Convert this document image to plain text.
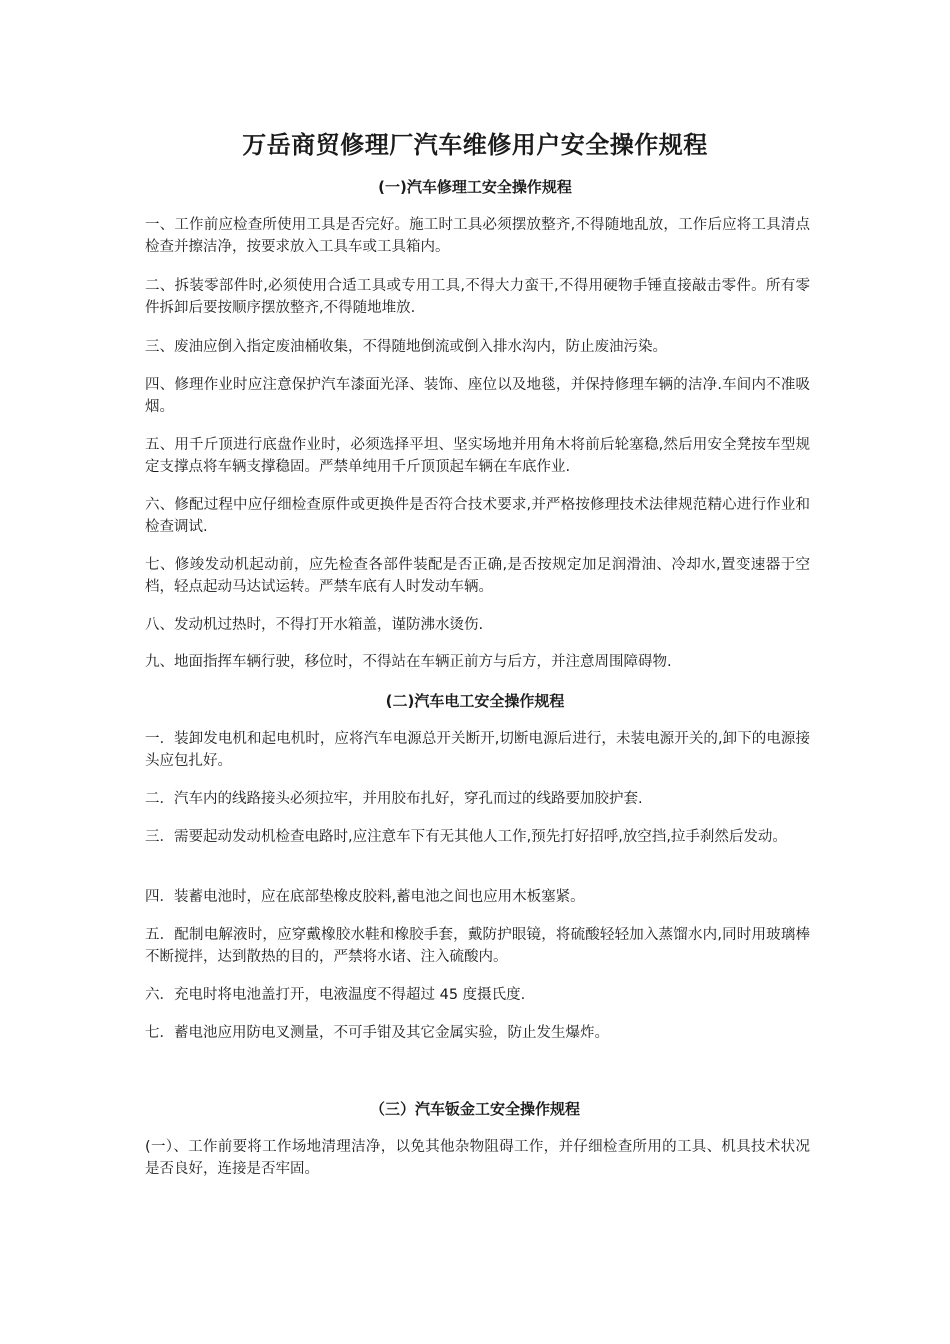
万岳商贸修理厂汽车维修用户安全操作规程
(一)汽车修理工安全操作规程
一、工作前应检查所使用工具是否完好。施工时工具必须摆放整齐,不得随地乱放，工作后应将工具清点检查并擦洁净，按要求放入工具车或工具箱内。
二、拆装零部件时,必须使用合适工具或专用工具,不得大力蛮干,不得用硬物手锤直接敲击零件。所有零件拆卸后要按顺序摆放整齐,不得随地堆放.
三、废油应倒入指定废油桶收集，不得随地倒流或倒入排水沟内，防止废油污染。
四、修理作业时应注意保护汽车漆面光泽、装饰、座位以及地毯，并保持修理车辆的洁净.车间内不准吸烟。
五、用千斤顶进行底盘作业时，必须选择平坦、坚实场地并用角木将前后轮塞稳,然后用安全凳按车型规定支撑点将车辆支撑稳固。严禁单纯用千斤顶顶起车辆在车底作业.
六、修配过程中应仔细检查原件或更换件是否符合技术要求,并严格按修理技术法律规范精心进行作业和检查调试.
七、修竣发动机起动前，应先检查各部件装配是否正确,是否按规定加足润滑油、冷却水,置变速器于空档，轻点起动马达试运转。严禁车底有人时发动车辆。
八、发动机过热时，不得打开水箱盖，谨防沸水烫伤.
九、地面指挥车辆行驶，移位时，不得站在车辆正前方与后方，并注意周围障碍物.
(二)汽车电工安全操作规程
一．装卸发电机和起电机时，应将汽车电源总开关断开,切断电源后进行，未装电源开关的,卸下的电源接头应包扎好。
二．汽车内的线路接头必须拉牢，并用胶布扎好，穿孔而过的线路要加胶护套.
三．需要起动发动机检查电路时,应注意车下有无其他人工作,预先打好招呼,放空挡,拉手刹然后发动。
四．装蓄电池时，应在底部垫橡皮胶料,蓄电池之间也应用木板塞紧。
五．配制电解液时，应穿戴橡胶水鞋和橡胶手套，戴防护眼镜，将硫酸轻轻加入蒸馏水内,同时用玻璃棒不断搅拌，达到散热的目的，严禁将水诸、注入硫酸内。
六．充电时将电池盖打开，电液温度不得超过 45 度摄氏度.
七．蓄电池应用防电叉测量，不可手钳及其它金属实验，防止发生爆炸。
（三）汽车钣金工安全操作规程
(一）、工作前要将工作场地清理洁净，以免其他杂物阻碍工作，并仔细检查所用的工具、机具技术状况是否良好，连接是否牢固。
